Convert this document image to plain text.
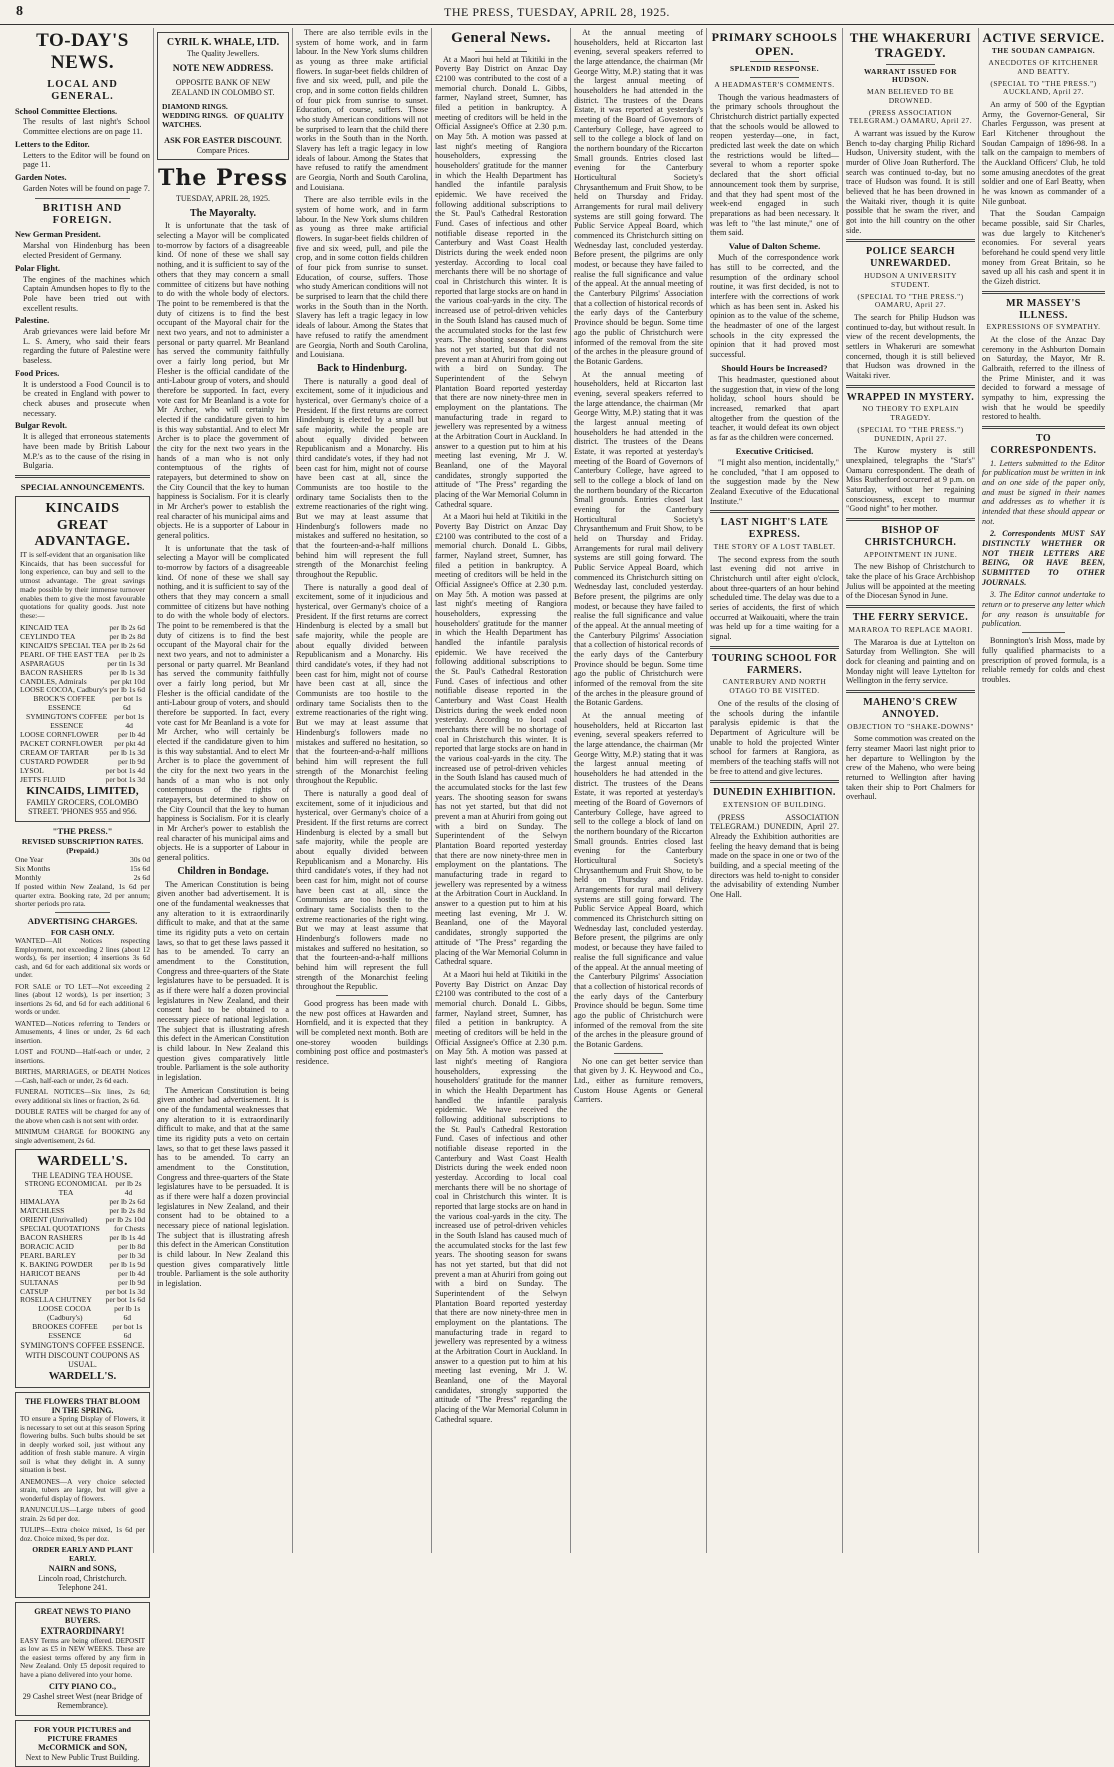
8	THE PRESS, TUESDAY, APRIL 28, 1925.
TO-DAY'S NEWS.
LOCAL AND GENERAL.
School Committee Elections.

The results of last night's School Committee elections are on page 11.

Letters to the Editor.

Letters to the Editor will be found on page 11.

Garden Notes.

Garden Notes will be found on page 7.

BRITISH AND FOREIGN.
New German President.

Marshal von Hindenburg has been elected President of Germany.

Polar Flight.

The engines of the machines which Captain Amundsen hopes to fly to the Pole have been tried out with excellent results.

Palestine.

Arab grievances were laid before Mr L. S. Amery, who said their fears regarding the future of Palestine were baseless.

Food Prices.

It is understood a Food Council is to be created in England with power to check abuses and prosecute when necessary.

Bulgar Revolt.

It is alleged that erroneous statements have been made by British Labour M.P.'s as to the cause of the rising in Bulgaria.

SPECIAL ANNOUNCEMENTS.
KINCAIDS GREAT ADVANTAGE.

IT is self-evident that an organisation like Kincaids, that has been successful for long experience, can buy and sell to the utmost advantage. The great savings made possible by their immense turnover enables them to give the most favourable quotations for quality goods. Just note these:—

KINCAID TEA	per lb 2s 6d
CEYLINDO TEA	per lb 2s 8d
KINCAID'S SPECIAL TEA per lb 2s 6d
PEARL OF THE EAST TEA per lb 2s
ASPARAGUS	per tin 1s 3d
BACON RASHERS	per lb 1s 3d
CANDLES, Admirals	per pkt 10d
LOOSE COCOA, Cadbury's per lb 1s 6d
BROCK'S COFFEE ESSENCE
per bot 1s 6d
SYMINGTON'S COFFEE ESSENCE
per bot 1s 4d
LOOSE CORNFLOWER	per lb 4d
PACKET CORNFLOWER per pkt 4d
CREAM OF TARTAR	per lb 1s 3d
CUSTARD POWDER	per lb 9d
LYSOL	per bot 1s 4d
JETTS FLUID	per bot 1s 3d
KINCAIDS, LIMITED,
FAMILY GROCERS, COLOMBO STREET. 'PHONES 955 and 956.
"THE PRESS."
REVISED SUBSCRIPTION RATES. (Prepaid.)
One Year	30s 0d
Six Months	15s 6d
Monthly	2s 6d

If posted within New Zealand, 1s 6d per quarter extra. Booking rate, 2d per annum; shorter periods pro rata.

ADVERTISING CHARGES.
FOR CASH ONLY.

WANTED—All Notices respecting Employment, not exceeding 2 lines (about 12 words), 6s per insertion; 4 insertions 3s 6d cash, and 6d for each additional six words or under.

FOR SALE or TO LET—Not exceeding 2 lines (about 12 words), 1s per insertion; 3 insertions 2s 6d, and 6d for each additional 6 words or under.

WANTED—Notices referring to Tenders or Amusements, 4 lines or under, 2s 6d each insertion.

LOST and FOUND—Half-each or under, 2 insertions.

BIRTHS, MARRIAGES, or DEATH Notices—Cash, half-each or under, 2s 6d each.

FUNERAL NOTICES—Six lines, 2s 6d; every additional six lines or fraction, 2s 6d.

DOUBLE RATES will be charged for any of the above when cash is not sent with order.

MINIMUM CHARGE for BOOKING any single advertisement, 2s 6d.

WARDELL'S.
THE LEADING TEA HOUSE.
STRONG ECONOMICAL TEA
per lb 2s 4d
HIMALAYA	per lb 2s 6d
MATCHLESS	per lb 2s 8d
ORIENT (Unrivalled) per lb 2s 10d
SPECIAL QUOTATIONS for Chests
BACON RASHERS	per lb 1s 4d
BORACIC ACID	per lb 8d
PEARL BARLEY	per lb 3d
K. BAKING POWDER per lb 1s 9d
HARICOT BEANS	per lb 4d
SULTANAS	per lb 9d
CATSUP	per bot 1s 3d
ROSELLA CHUTNEY per bot 1s 6d
LOOSE COCOA (Cadbury's)
per lb 1s 6d
BROOKES COFFEE ESSENCE
per bot 1s 6d
SYMINGTON'S COFFEE ESSENCE. WITH DISCOUNT COUPONS AS USUAL.
WARDELL'S.
THE FLOWERS THAT BLOOM IN THE SPRING.

TO ensure a Spring Display of Flowers, it is necessary to set out at this season Spring flowering bulbs. Such bulbs should be set in deeply worked soil, just without any addition of fresh stable manure. A virgin soil is what they delight in. A sunny situation is best.

ANEMONES—A very choice selected strain, tubers are large, but will give a wonderful display of flowers.

RANUNCULUS—Large tubers of good strain. 2s 6d per doz.

TULIPS—Extra choice mixed, 1s 6d per doz. Choice mixed, 9s per doz.

ORDER EARLY AND PLANT EARLY.
NAIRN and SONS,
Lincoln road, Christchurch.
Telephone 241.
GREAT NEWS TO PIANO BUYERS.
EXTRAORDINARY!

EASY Terms are being offered. DEPOSIT as low as £5 in NEW WEEKS. These are the easiest terms offered by any firm in New Zealand. Only £5 deposit required to have a piano delivered into your home.

CITY PIANO CO.,
29 Cashel street West (near Bridge of Remembrance).
FOR YOUR PICTURES and PICTURE FRAMES
McCORMICK and SON,
Next to New Public Trust Building.
CYRIL K. WHALE, LTD.
The Quality Jewellers.
NOTE NEW ADDRESS.
OPPOSITE BANK OF NEW ZEALAND IN COLOMBO ST.
DIAMOND RINGS.
WEDDING RINGS.
WATCHES.
OF QUALITY
ASK FOR EASTER DISCOUNT.
Compare Prices.
The Press
TUESDAY, APRIL 28, 1925.
The Mayoralty.

It is unfortunate that the task of selecting a Mayor will be complicated to-morrow by factors of a disagreeable kind. Of none of these we shall say nothing, and it is sufficient to say of the others that they may concern a small committee of citizens but have nothing to do with the whole body of electors. The point to be remembered is that the duty of citizens is to find the best occupant of the Mayoral chair for the next two years, and not to administer a personal or party quarrel. Mr Beanland has served the community faithfully over a fairly long period, but Mr Flesher is the official candidate of the anti-Labour group of voters, and should therefore be supported. In fact, every vote cast for Mr Beanland is a vote for Mr Archer, who will certainly be elected if the candidature given to him is this way substantial. And to elect Mr Archer is to place the government of the city for the next two years in the hands of a man who is not only contemptuous of the rights of ratepayers, but determined to show on the City Council that the key to human happiness is Socialism. For it is clearly in Mr Archer's power to establish the real character of his municipal aims and objects. He is a supporter of Labour in general politics.

It is unfortunate that the task of selecting a Mayor will be complicated to-morrow by factors of a disagreeable kind. Of none of these we shall say nothing, and it is sufficient to say of the others that they may concern a small committee of citizens but have nothing to do with the whole body of electors. The point to be remembered is that the duty of citizens is to find the best occupant of the Mayoral chair for the next two years, and not to administer a personal or party quarrel. Mr Beanland has served the community faithfully over a fairly long period, but Mr Flesher is the official candidate of the anti-Labour group of voters, and should therefore be supported. In fact, every vote cast for Mr Beanland is a vote for Mr Archer, who will certainly be elected if the candidature given to him is this way substantial. And to elect Mr Archer is to place the government of the city for the next two years in the hands of a man who is not only contemptuous of the rights of ratepayers, but determined to show on the City Council that the key to human happiness is Socialism. For it is clearly in Mr Archer's power to establish the real character of his municipal aims and objects. He is a supporter of Labour in general politics.

Children in Bondage.

The American Constitution is being given another bad advertisement. It is one of the fundamental weaknesses that any alteration to it is extraordinarily difficult to make, and that at the same time its rigidity puts a veto on certain laws, so that to get these laws passed it has to be amended. To carry an amendment to the Constitution, Congress and three-quarters of the State legislatures have to be persuaded. It is as if there were half a dozen provincial legislatures in New Zealand, and their consent had to be obtained to a necessary piece of national legislation. The subject that is illustrating afresh this defect in the American Constitution is child labour. In New Zealand this question gives comparatively little trouble. Parliament is the sole authority in legislation.

The American Constitution is being given another bad advertisement. It is one of the fundamental weaknesses that any alteration to it is extraordinarily difficult to make, and that at the same time its rigidity puts a veto on certain laws, so that to get these laws passed it has to be amended. To carry an amendment to the Constitution, Congress and three-quarters of the State legislatures have to be persuaded. It is as if there were half a dozen provincial legislatures in New Zealand, and their consent had to be obtained to a necessary piece of national legislation. The subject that is illustrating afresh this defect in the American Constitution is child labour. In New Zealand this question gives comparatively little trouble. Parliament is the sole authority in legislation.

There are also terrible evils in the system of home work, and in farm labour. In the New York slums children as young as three make artificial flowers. In sugar-beet fields children of five and six weed, pull, and pile the crop, and in some cotton fields children of four pick from sunrise to sunset. Education, of course, suffers. Those who study American conditions will not be surprised to learn that the child there works in the South than in the North. Slavery has left a tragic legacy in low ideals of labour. Among the States that have refused to ratify the amendment are Georgia, North and South Carolina, and Louisiana.

There are also terrible evils in the system of home work, and in farm labour. In the New York slums children as young as three make artificial flowers. In sugar-beet fields children of five and six weed, pull, and pile the crop, and in some cotton fields children of four pick from sunrise to sunset. Education, of course, suffers. Those who study American conditions will not be surprised to learn that the child there works in the South than in the North. Slavery has left a tragic legacy in low ideals of labour. Among the States that have refused to ratify the amendment are Georgia, North and South Carolina, and Louisiana.

Back to Hindenburg.

There is naturally a good deal of excitement, some of it injudicious and hysterical, over Germany's choice of a President. If the first returns are correct Hindenburg is elected by a small but safe majority, while the people are about equally divided between Republicanism and a Monarchy. His third candidate's votes, if they had not been cast for him, might not of course have been cast at all, since the Communists are too hostile to the ordinary tame Socialists then to the extreme reactionaries of the right wing. But we may at least assume that Hindenburg's followers made no mistakes and suffered no hesitation, so that the fourteen-and-a-half millions behind him will represent the full strength of the Monarchist feeling throughout the Republic.

There is naturally a good deal of excitement, some of it injudicious and hysterical, over Germany's choice of a President. If the first returns are correct Hindenburg is elected by a small but safe majority, while the people are about equally divided between Republicanism and a Monarchy. His third candidate's votes, if they had not been cast for him, might not of course have been cast at all, since the Communists are too hostile to the ordinary tame Socialists then to the extreme reactionaries of the right wing. But we may at least assume that Hindenburg's followers made no mistakes and suffered no hesitation, so that the fourteen-and-a-half millions behind him will represent the full strength of the Monarchist feeling throughout the Republic.

There is naturally a good deal of excitement, some of it injudicious and hysterical, over Germany's choice of a President. If the first returns are correct Hindenburg is elected by a small but safe majority, while the people are about equally divided between Republicanism and a Monarchy. His third candidate's votes, if they had not been cast for him, might not of course have been cast at all, since the Communists are too hostile to the ordinary tame Socialists then to the extreme reactionaries of the right wing. But we may at least assume that Hindenburg's followers made no mistakes and suffered no hesitation, so that the fourteen-and-a-half millions behind him will represent the full strength of the Monarchist feeling throughout the Republic.

Good progress has been made with the new post offices at Hawarden and Hornfield, and it is expected that they will be completed next month. Both are one-storey wooden buildings combining post office and postmaster's residence.

General News.

At a Maori hui held at Tikitiki in the Poverty Bay District on Anzac Day £2100 was contributed to the cost of a memorial church. Donald L. Gibbs, farmer, Nayland street, Sumner, has filed a petition in bankruptcy. A meeting of creditors will be held in the Official Assignee's Office at 2.30 p.m. on May 5th. A motion was passed at last night's meeting of Rangiora householders, expressing the householders' gratitude for the manner in which the Health Department has handled the infantile paralysis epidemic. We have received the following additional subscriptions to the St. Paul's Cathedral Restoration Fund. Cases of infectious and other notifiable disease reported in the Canterbury and Wast Coast Health Districts during the week ended noon yesterday. According to local coal merchants there will be no shortage of coal in Christchurch this winter. It is reported that large stocks are on hand in the various coal-yards in the city. The increased use of petrol-driven vehicles in the South Island has caused much of the accumulated stocks for the last few years. The shooting season for swans has not yet started, but that did not prevent a man at Ahuriri from going out with a bird on Sunday. The Superintendent of the Selwyn Plantation Board reported yesterday that there are now ninety-three men in employment on the plantations. The manufacturing trade in regard to jewellery was represented by a witness at the Arbitration Court in Auckland. In answer to a question put to him at his meeting last evening, Mr J. W. Beanland, one of the Mayoral candidates, strongly supported the attitude of "The Press" regarding the placing of the War Memorial Column in Cathedral square.

At a Maori hui held at Tikitiki in the Poverty Bay District on Anzac Day £2100 was contributed to the cost of a memorial church. Donald L. Gibbs, farmer, Nayland street, Sumner, has filed a petition in bankruptcy. A meeting of creditors will be held in the Official Assignee's Office at 2.30 p.m. on May 5th. A motion was passed at last night's meeting of Rangiora householders, expressing the householders' gratitude for the manner in which the Health Department has handled the infantile paralysis epidemic. We have received the following additional subscriptions to the St. Paul's Cathedral Restoration Fund. Cases of infectious and other notifiable disease reported in the Canterbury and Wast Coast Health Districts during the week ended noon yesterday. According to local coal merchants there will be no shortage of coal in Christchurch this winter. It is reported that large stocks are on hand in the various coal-yards in the city. The increased use of petrol-driven vehicles in the South Island has caused much of the accumulated stocks for the last few years. The shooting season for swans has not yet started, but that did not prevent a man at Ahuriri from going out with a bird on Sunday. The Superintendent of the Selwyn Plantation Board reported yesterday that there are now ninety-three men in employment on the plantations. The manufacturing trade in regard to jewellery was represented by a witness at the Arbitration Court in Auckland. In answer to a question put to him at his meeting last evening, Mr J. W. Beanland, one of the Mayoral candidates, strongly supported the attitude of "The Press" regarding the placing of the War Memorial Column in Cathedral square.

At a Maori hui held at Tikitiki in the Poverty Bay District on Anzac Day £2100 was contributed to the cost of a memorial church. Donald L. Gibbs, farmer, Nayland street, Sumner, has filed a petition in bankruptcy. A meeting of creditors will be held in the Official Assignee's Office at 2.30 p.m. on May 5th. A motion was passed at last night's meeting of Rangiora householders, expressing the householders' gratitude for the manner in which the Health Department has handled the infantile paralysis epidemic. We have received the following additional subscriptions to the St. Paul's Cathedral Restoration Fund. Cases of infectious and other notifiable disease reported in the Canterbury and Wast Coast Health Districts during the week ended noon yesterday. According to local coal merchants there will be no shortage of coal in Christchurch this winter. It is reported that large stocks are on hand in the various coal-yards in the city. The increased use of petrol-driven vehicles in the South Island has caused much of the accumulated stocks for the last few years. The shooting season for swans has not yet started, but that did not prevent a man at Ahuriri from going out with a bird on Sunday. The Superintendent of the Selwyn Plantation Board reported yesterday that there are now ninety-three men in employment on the plantations. The manufacturing trade in regard to jewellery was represented by a witness at the Arbitration Court in Auckland. In answer to a question put to him at his meeting last evening, Mr J. W. Beanland, one of the Mayoral candidates, strongly supported the attitude of "The Press" regarding the placing of the War Memorial Column in Cathedral square.

At the annual meeting of householders, held at Riccarton last evening, several speakers referred to the large attendance, the chairman (Mr George Witty, M.P.) stating that it was the largest annual meeting of householders he had attended in the district. The trustees of the Deans Estate, it was reported at yesterday's meeting of the Board of Governors of Canterbury College, have agreed to sell to the college a block of land on the northern boundary of the Riccarton Small grounds. Entries closed last evening for the Canterbury Horticultural Society's Chrysanthemum and Fruit Show, to be held on Thursday and Friday. Arrangements for rural mail delivery systems are still going forward. The Public Service Appeal Board, which commenced its Christchurch sitting on Wednesday last, concluded yesterday. Before present, the pilgrims are only modest, or because they have failed to realise the full significance and value of the appeal. At the annual meeting of the Canterbury Pilgrims' Association that a collection of historical records of the early days of the Canterbury Province should be begun. Some time ago the public of Christchurch were informed of the removal from the site of the arches in the pleasure ground of the Botanic Gardens.

At the annual meeting of householders, held at Riccarton last evening, several speakers referred to the large attendance, the chairman (Mr George Witty, M.P.) stating that it was the largest annual meeting of householders he had attended in the district. The trustees of the Deans Estate, it was reported at yesterday's meeting of the Board of Governors of Canterbury College, have agreed to sell to the college a block of land on the northern boundary of the Riccarton Small grounds. Entries closed last evening for the Canterbury Horticultural Society's Chrysanthemum and Fruit Show, to be held on Thursday and Friday. Arrangements for rural mail delivery systems are still going forward. The Public Service Appeal Board, which commenced its Christchurch sitting on Wednesday last, concluded yesterday. Before present, the pilgrims are only modest, or because they have failed to realise the full significance and value of the appeal. At the annual meeting of the Canterbury Pilgrims' Association that a collection of historical records of the early days of the Canterbury Province should be begun. Some time ago the public of Christchurch were informed of the removal from the site of the arches in the pleasure ground of the Botanic Gardens.

At the annual meeting of householders, held at Riccarton last evening, several speakers referred to the large attendance, the chairman (Mr George Witty, M.P.) stating that it was the largest annual meeting of householders he had attended in the district. The trustees of the Deans Estate, it was reported at yesterday's meeting of the Board of Governors of Canterbury College, have agreed to sell to the college a block of land on the northern boundary of the Riccarton Small grounds. Entries closed last evening for the Canterbury Horticultural Society's Chrysanthemum and Fruit Show, to be held on Thursday and Friday. Arrangements for rural mail delivery systems are still going forward. The Public Service Appeal Board, which commenced its Christchurch sitting on Wednesday last, concluded yesterday. Before present, the pilgrims are only modest, or because they have failed to realise the full significance and value of the appeal. At the annual meeting of the Canterbury Pilgrims' Association that a collection of historical records of the early days of the Canterbury Province should be begun. Some time ago the public of Christchurch were informed of the removal from the site of the arches in the pleasure ground of the Botanic Gardens.

No one can get better service than that given by J. K. Heywood and Co., Ltd., either as furniture removers, Custom House Agents or General Carriers.

PRIMARY SCHOOLS OPEN.
SPLENDID RESPONSE.
A HEADMASTER'S COMMENTS.

Though the various headmasters of the primary schools throughout the Christchurch district partially expected that the schools would be allowed to reopen yesterday—one, in fact, predicted last week the date on which the restrictions would be lifted—several to whom a reporter spoke declared that the short official announcement took them by surprise, and that they had spent most of the week-end engaged in such preparations as had been necessary. It was left to "the last minute," one of them said.

Value of Dalton Scheme.

Much of the correspondence work has still to be corrected, and the resumption of the ordinary school routine, it was first decided, is not to interfere with the corrections of work which as has been sent in. Asked his opinion as to the value of the scheme, the headmaster of one of the largest schools in the city expressed the opinion that it had proved most successful.

Should Hours be Increased?

This headmaster, questioned about the suggestion that, in view of the long holiday, school hours should be increased, remarked that apart altogether from the question of the teacher, it would defeat its own object as far as the children were concerned.

Executive Criticised.

"I might also mention, incidentally," he concluded, "that I am opposed to the suggestion made by the New Zealand Executive of the Educational Institute."

LAST NIGHT'S LATE EXPRESS.
THE STORY OF A LOST TABLET.

The second express from the south last evening did not arrive in Christchurch until after eight o'clock, about three-quarters of an hour behind scheduled time. The delay was due to a series of accidents, the first of which occurred at Waikouaiti, where the train was held up for a time waiting for a signal.

TOURING SCHOOL FOR FARMERS.
CANTERBURY AND NORTH OTAGO TO BE VISITED.

One of the results of the closing of the schools during the infantile paralysis epidemic is that the Department of Agriculture will be unable to hold the projected Winter school for farmers at Rangiora, as members of the teaching staffs will not be free to attend and give lectures.

DUNEDIN EXHIBITION.
EXTENSION OF BUILDING.

(PRESS ASSOCIATION TELEGRAM.) DUNEDIN, April 27. Already the Exhibition authorities are feeling the heavy demand that is being made on the space in one or two of the building, and a special meeting of the directors was held to-night to consider the advisability of extending Number One Hall.

THE WHAKERURI TRAGEDY.
WARRANT ISSUED FOR HUDSON.
MAN BELIEVED TO BE DROWNED.
(PRESS ASSOCIATION TELEGRAM.) OAMARU, April 27.

A warrant was issued by the Kurow Bench to-day charging Philip Richard Hudson, University student, with the murder of Olive Joan Rutherford. The search was continued to-day, but no trace of Hudson was found. It is still believed that he has been drowned in the Waitaki river, though it is quite possible that he swam the river, and got into the hill country on the other side.

POLICE SEARCH UNREWARDED.
HUDSON A UNIVERSITY STUDENT.
(SPECIAL TO "THE PRESS.") OAMARU, April 27.

The search for Philip Hudson was continued to-day, but without result. In view of the recent developments, the settlers in Whakeruri are somewhat concerned, though it is still believed that Hudson was drowned in the Waitaki river.

WRAPPED IN MYSTERY.
NO THEORY TO EXPLAIN TRAGEDY.
(SPECIAL TO "THE PRESS.") DUNEDIN, April 27.

The Kurow mystery is still unexplained, telegraphs the "Star's" Oamaru correspondent. The death of Miss Rutherford occurred at 9 p.m. on Saturday, without her regaining consciousness, except to murmur "Good night" to her mother.

BISHOP OF CHRISTCHURCH.
APPOINTMENT IN JUNE.

The new Bishop of Christchurch to take the place of his Grace Archbishop Julius will be appointed at the meeting of the Diocesan Synod in June.

THE FERRY SERVICE.
MARAROA TO REPLACE MAORI.

The Mararoa is due at Lyttelton on Saturday from Wellington. She will dock for cleaning and painting and on Monday night will leave Lyttelton for Wellington in the ferry service.

MAHENO'S CREW ANNOYED.
OBJECTION TO "SHAKE-DOWNS"

Some commotion was created on the ferry steamer Maori last night prior to her departure to Wellington by the crew of the Maheno, who were being returned to Wellington after having taken their ship to Port Chalmers for overhaul.

ACTIVE SERVICE.
THE SOUDAN CAMPAIGN.
ANECDOTES OF KITCHENER AND BEATTY.
(SPECIAL TO "THE PRESS.") AUCKLAND, April 27.

An army of 500 of the Egyptian Army, the Governor-General, Sir Charles Fergusson, was present at Earl Kitchener throughout the Soudan Campaign of 1896-98. In a talk on the campaign to members of the Auckland Officers' Club, he told some amusing anecdotes of the great soldier and one of Earl Beatty, when he was known as commander of a Nile gunboat.

That the Soudan Campaign became possible, said Sir Charles, was due largely to Kitchener's economies. For several years beforehand he could spend very little money from Great Britain, so he saved up all his cash and spent it in the Gizeh district.

MR MASSEY'S ILLNESS.
EXPRESSIONS OF SYMPATHY.

At the close of the Anzac Day ceremony in the Ashburton Domain on Saturday, the Mayor, Mr R. Galbraith, referred to the illness of the Prime Minister, and it was decided to forward a message of sympathy to him, expressing the wish that he would be speedily restored to health.

TO CORRESPONDENTS.

1. Letters submitted to the Editor for publication must be written in ink and on one side of the paper only, and must be signed in their names and addresses as to whether it is intended that these should appear or not.

2. Correspondents MUST SAY DISTINCTLY WHETHER OR NOT THEIR LETTERS ARE BEING, OR HAVE BEEN, SUBMITTED TO OTHER JOURNALS.

3. The Editor cannot undertake to return or to preserve any letter which for any reason is unsuitable for publication.

Bonnington's Irish Moss, made by fully qualified pharmacists to a prescription of proved formula, is a reliable remedy for colds and chest troubles.
